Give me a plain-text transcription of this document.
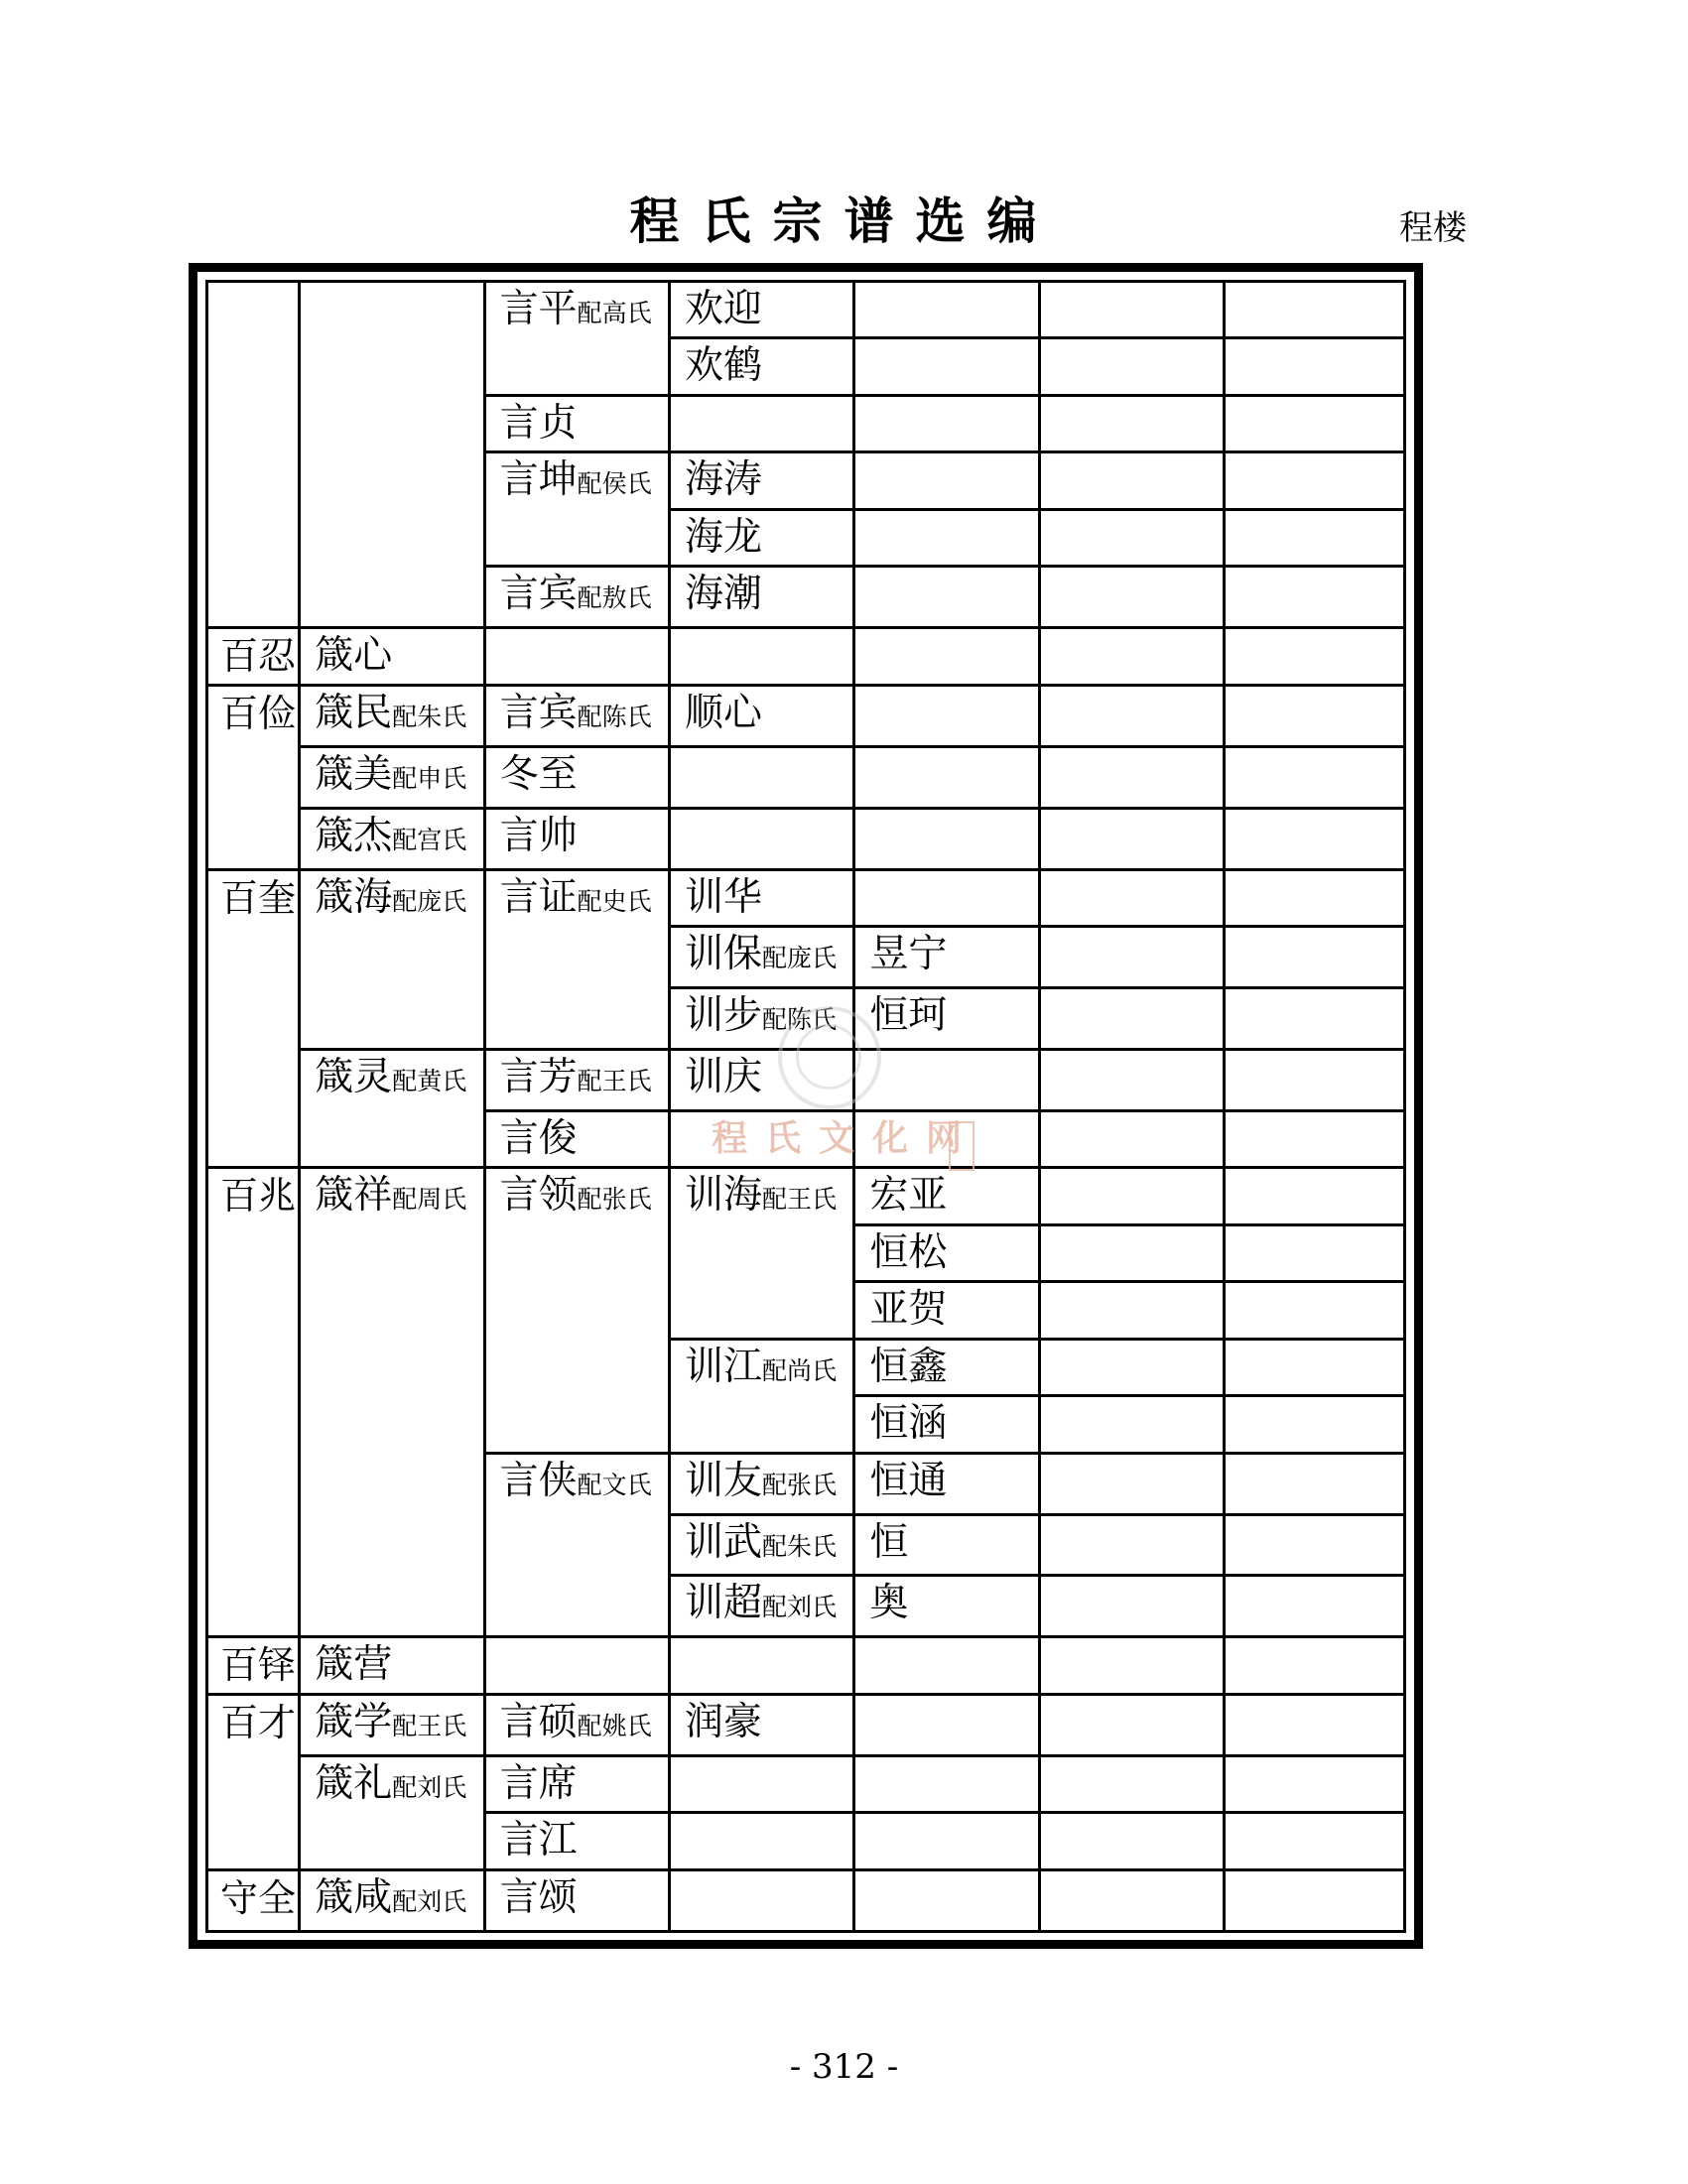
程氏宗谱选编	程楼
		言平配高氏	欢迎			
			欢鹤			
		言贞				
		言坤配侯氏	海涛			
			海龙			
		言宾配敖氏	海潮			
百忍	箴心					
百俭	箴民配朱氏	言宾配陈氏	顺心			
	箴美配申氏	冬至				
	箴杰配宫氏	言帅				
百奎	箴海配庞氏	言证配史氏	训华			
			训保配庞氏	昱宁		
			训步配陈氏	恒珂		
	箴灵配黄氏	言芳配王氏	训庆			
		言俊				
百兆	箴祥配周氏	言领配张氏	训海配王氏	宏亚		
				恒松		
				亚贺		
			训江配尚氏	恒鑫		
				恒涵		
		言侠配文氏	训友配张氏	恒通		
			训武配朱氏	恒		
			训超配刘氏	奥		
百铎	箴营					
百才	箴学配王氏	言硕配姚氏	润豪			
	箴礼配刘氏	言席				
		言江				
守全	箴咸配刘氏	言颂				
程氏文化网
- 312 -
